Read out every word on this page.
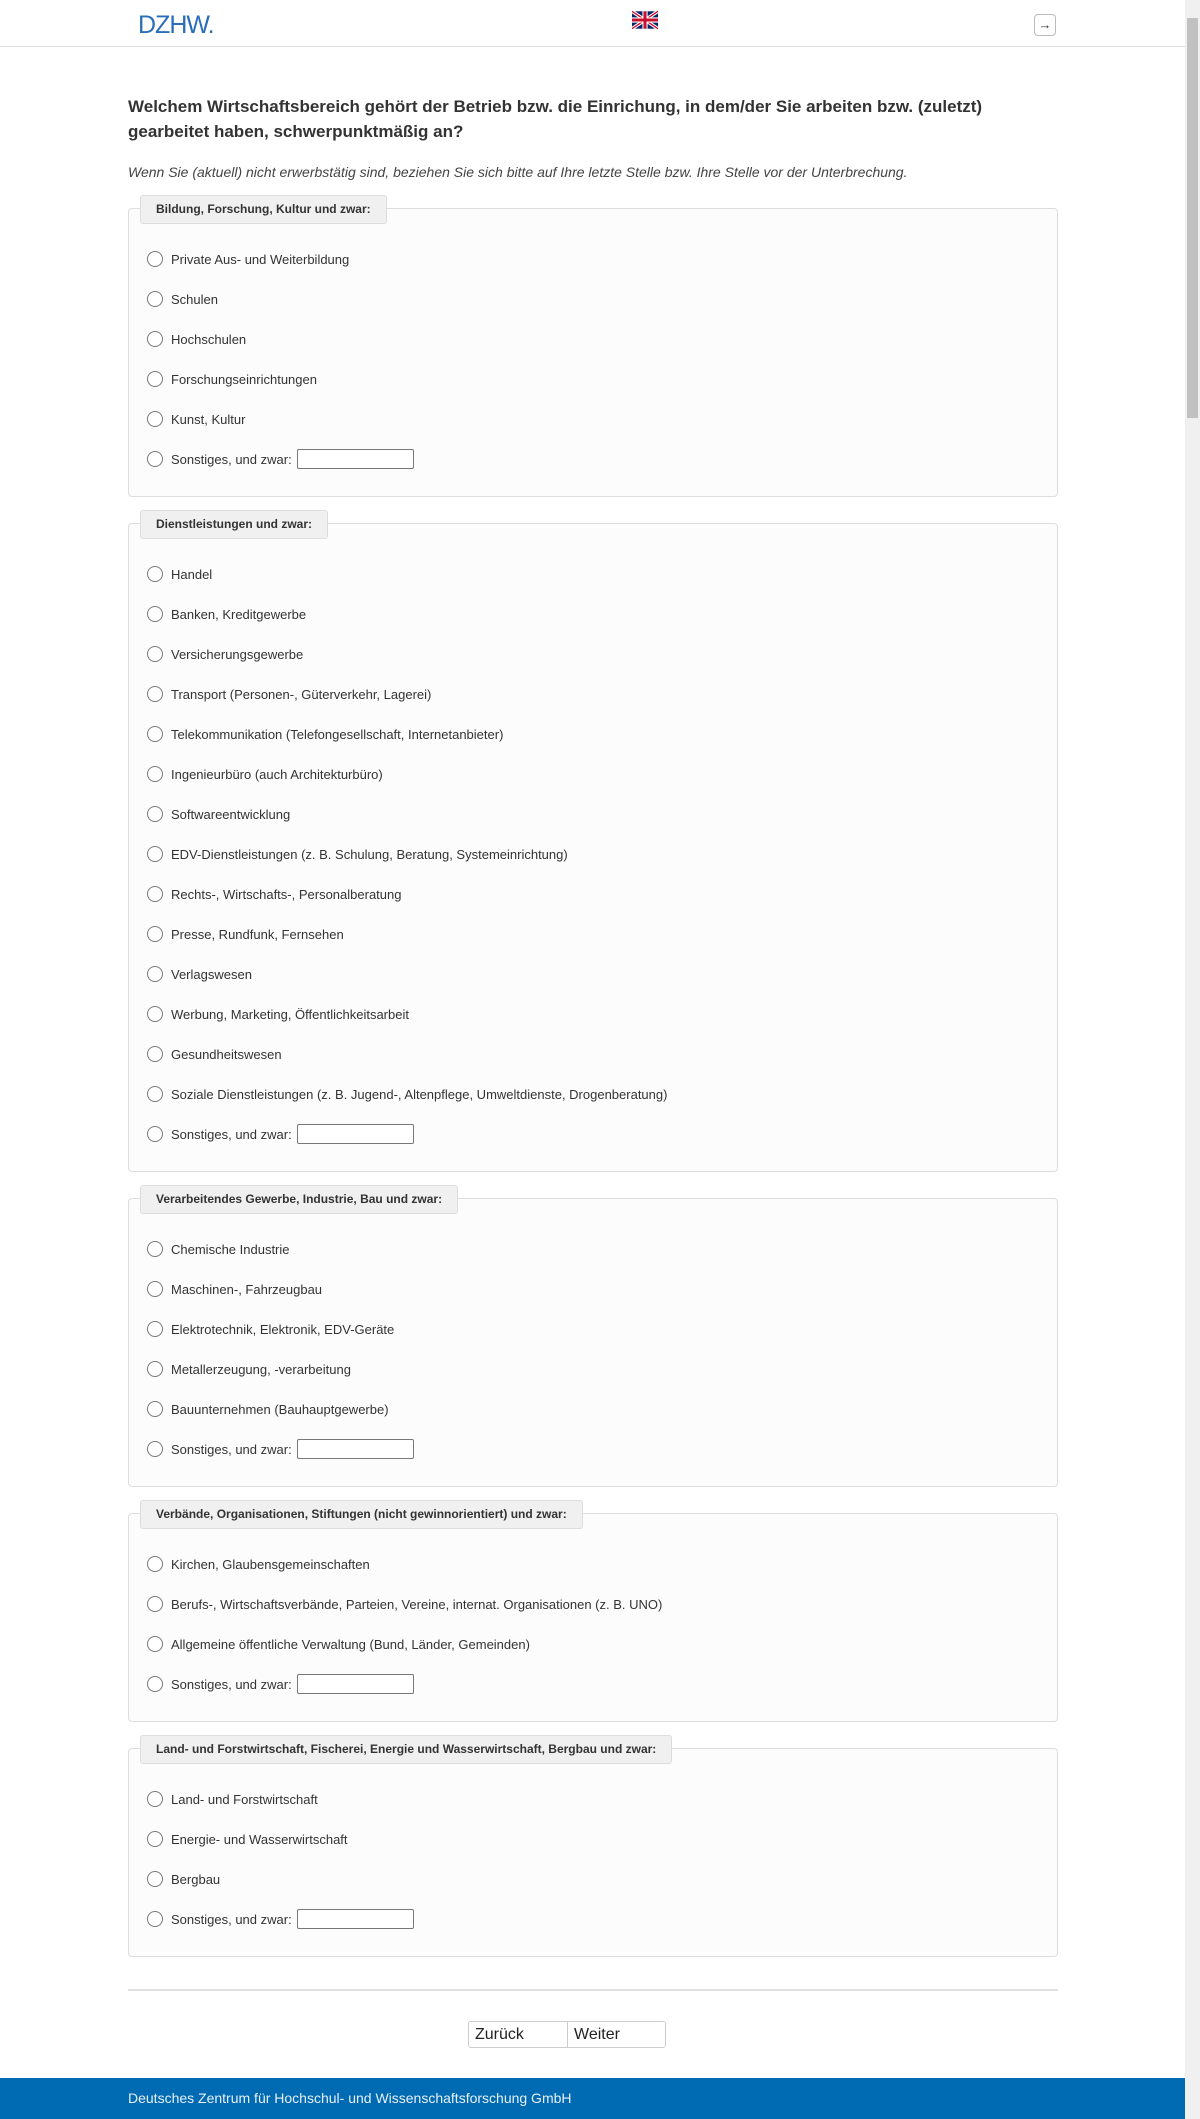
DZHW.	→

Welchem Wirtschaftsbereich gehört der Betrieb bzw. die Einrichung, in dem/der Sie arbeiten bzw. (zuletzt) gearbeitet haben, schwerpunktmäßig an?

Wenn Sie (aktuell) nicht erwerbstätig sind, beziehen Sie sich bitte auf Ihre letzte Stelle bzw. Ihre Stelle vor der Unterbrechung.

Bildung, Forschung, Kultur und zwar:
Private Aus- und Weiterbildung
Schulen
Hochschulen
Forschungseinrichtungen
Kunst, Kultur
Sonstiges, und zwar:
Dienstleistungen und zwar:
Handel
Banken, Kreditgewerbe
Versicherungsgewerbe
Transport (Personen-, Güterverkehr, Lagerei)
Telekommunikation (Telefongesellschaft, Internetanbieter)
Ingenieurbüro (auch Architekturbüro)
Softwareentwicklung
EDV-Dienstleistungen (z. B. Schulung, Beratung, Systemeinrichtung)
Rechts-, Wirtschafts-, Personalberatung
Presse, Rundfunk, Fernsehen
Verlagswesen
Werbung, Marketing, Öffentlichkeitsarbeit
Gesundheitswesen
Soziale Dienstleistungen (z. B. Jugend-, Altenpflege, Umweltdienste, Drogenberatung)
Sonstiges, und zwar:
Verarbeitendes Gewerbe, Industrie, Bau und zwar:
Chemische Industrie
Maschinen-, Fahrzeugbau
Elektrotechnik, Elektronik, EDV-Geräte
Metallerzeugung, -verarbeitung
Bauunternehmen (Bauhauptgewerbe)
Sonstiges, und zwar:
Verbände, Organisationen, Stiftungen (nicht gewinnorientiert) und zwar:
Kirchen, Glaubensgemeinschaften
Berufs-, Wirtschaftsverbände, Parteien, Vereine, internat. Organisationen (z. B. UNO)
Allgemeine öffentliche Verwaltung (Bund, Länder, Gemeinden)
Sonstiges, und zwar:
Land- und Forstwirtschaft, Fischerei, Energie und Wasserwirtschaft, Bergbau und zwar:
Land- und Forstwirtschaft
Energie- und Wasserwirtschaft
Bergbau
Sonstiges, und zwar:
Zurück	Weiter
Deutsches Zentrum für Hochschul- und Wissenschaftsforschung GmbH
